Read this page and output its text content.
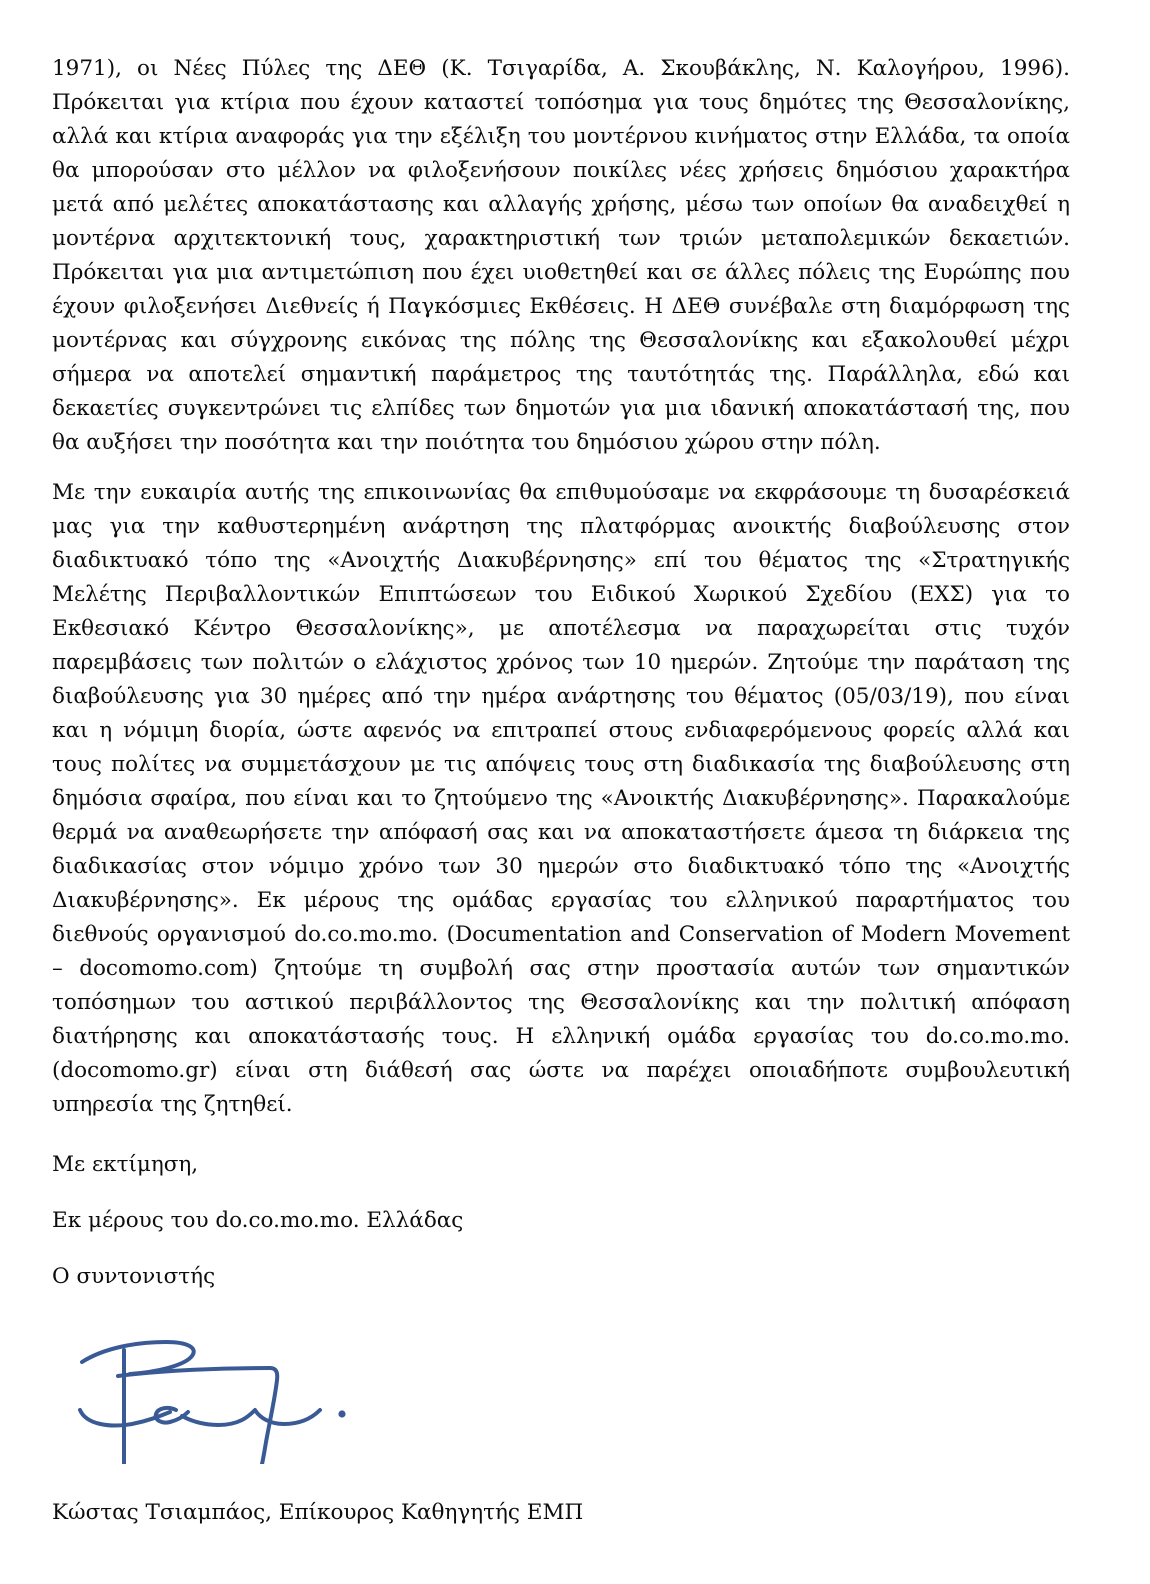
1971), οι Νέες Πύλες της ΔΕΘ (Κ. Τσιγαρίδα, Α. Σκουβάκλης, Ν. Καλογήρου, 1996). Πρόκειται για κτίρια που έχουν καταστεί τοπόσημα για τους δημότες της Θεσσαλονίκης, αλλά και κτίρια αναφοράς για την εξέλιξη του μοντέρνου κινήματος στην Ελλάδα, τα οποία θα μπορούσαν στο μέλλον να φιλοξενήσουν ποικίλες νέες χρήσεις δημόσιου χαρακτήρα μετά από μελέτες αποκατάστασης και αλλαγής χρήσης, μέσω των οποίων θα αναδειχθεί η μοντέρνα αρχιτεκτονική τους, χαρακτηριστική των τριών μεταπολεμικών δεκαετιών. Πρόκειται για μια αντιμετώπιση που έχει υιοθετηθεί και σε άλλες πόλεις της Ευρώπης που έχουν φιλοξενήσει Διεθνείς ή Παγκόσμιες Εκθέσεις. Η ΔΕΘ συνέβαλε στη διαμόρφωση της μοντέρνας και σύγχρονης εικόνας της πόλης της Θεσσαλονίκης και εξακολουθεί μέχρι σήμερα να αποτελεί σημαντική παράμετρος της ταυτότητάς της. Παράλληλα, εδώ και δεκαετίες συγκεντρώνει τις ελπίδες των δημοτών για μια ιδανική αποκατάστασή της, που θα αυξήσει την ποσότητα και την ποιότητα του δημόσιου χώρου στην πόλη.

Με την ευκαιρία αυτής της επικοινωνίας θα επιθυμούσαμε να εκφράσουμε τη δυσαρέσκειά μας για την καθυστερημένη ανάρτηση της πλατφόρμας ανοικτής διαβούλευσης στον διαδικτυακό τόπο της «Ανοιχτής Διακυβέρνησης» επί του θέματος της «Στρατηγικής Μελέτης Περιβαλλοντικών Επιπτώσεων του Ειδικού Χωρικού Σχεδίου (ΕΧΣ) για το Εκθεσιακό Κέντρο Θεσσαλονίκης», με αποτέλεσμα να παραχωρείται στις τυχόν παρεμβάσεις των πολιτών ο ελάχιστος χρόνος των 10 ημερών. Ζητούμε την παράταση της διαβούλευσης για 30 ημέρες από την ημέρα ανάρτησης του θέματος (05/03/19), που είναι και η νόμιμη διορία, ώστε αφενός να επιτραπεί στους ενδιαφερόμενους φορείς αλλά και τους πολίτες να συμμετάσχουν με τις απόψεις τους στη διαδικασία της διαβούλευσης στη δημόσια σφαίρα, που είναι και το ζητούμενο της «Ανοικτής Διακυβέρνησης». Παρακαλούμε θερμά να αναθεωρήσετε την απόφασή σας και να αποκαταστήσετε άμεσα τη διάρκεια της διαδικασίας στον νόμιμο χρόνο των 30 ημερών στο διαδικτυακό τόπο της «Ανοιχτής Διακυβέρνησης». Εκ μέρους της ομάδας εργασίας του ελληνικού παραρτήματος του διεθνούς οργανισμού do.co.mo.mo. (Documentation and Conservation of Modern Movement – docomomo.com) ζητούμε τη συμβολή σας στην προστασία αυτών των σημαντικών τοπόσημων του αστικού περιβάλλοντος της Θεσσαλονίκης και την πολιτική απόφαση διατήρησης και αποκατάστασής τους. Η ελληνική ομάδα εργασίας του do.co.mo.mo. (docomomo.gr) είναι στη διάθεσή σας ώστε να παρέχει οποιαδήποτε συμβουλευτική υπηρεσία της ζητηθεί.

Με εκτίμηση,

Εκ μέρους του do.co.mo.mo. Ελλάδας

Ο συντονιστής

Κώστας Τσιαμπάος, Επίκουρος Καθηγητής ΕΜΠ
